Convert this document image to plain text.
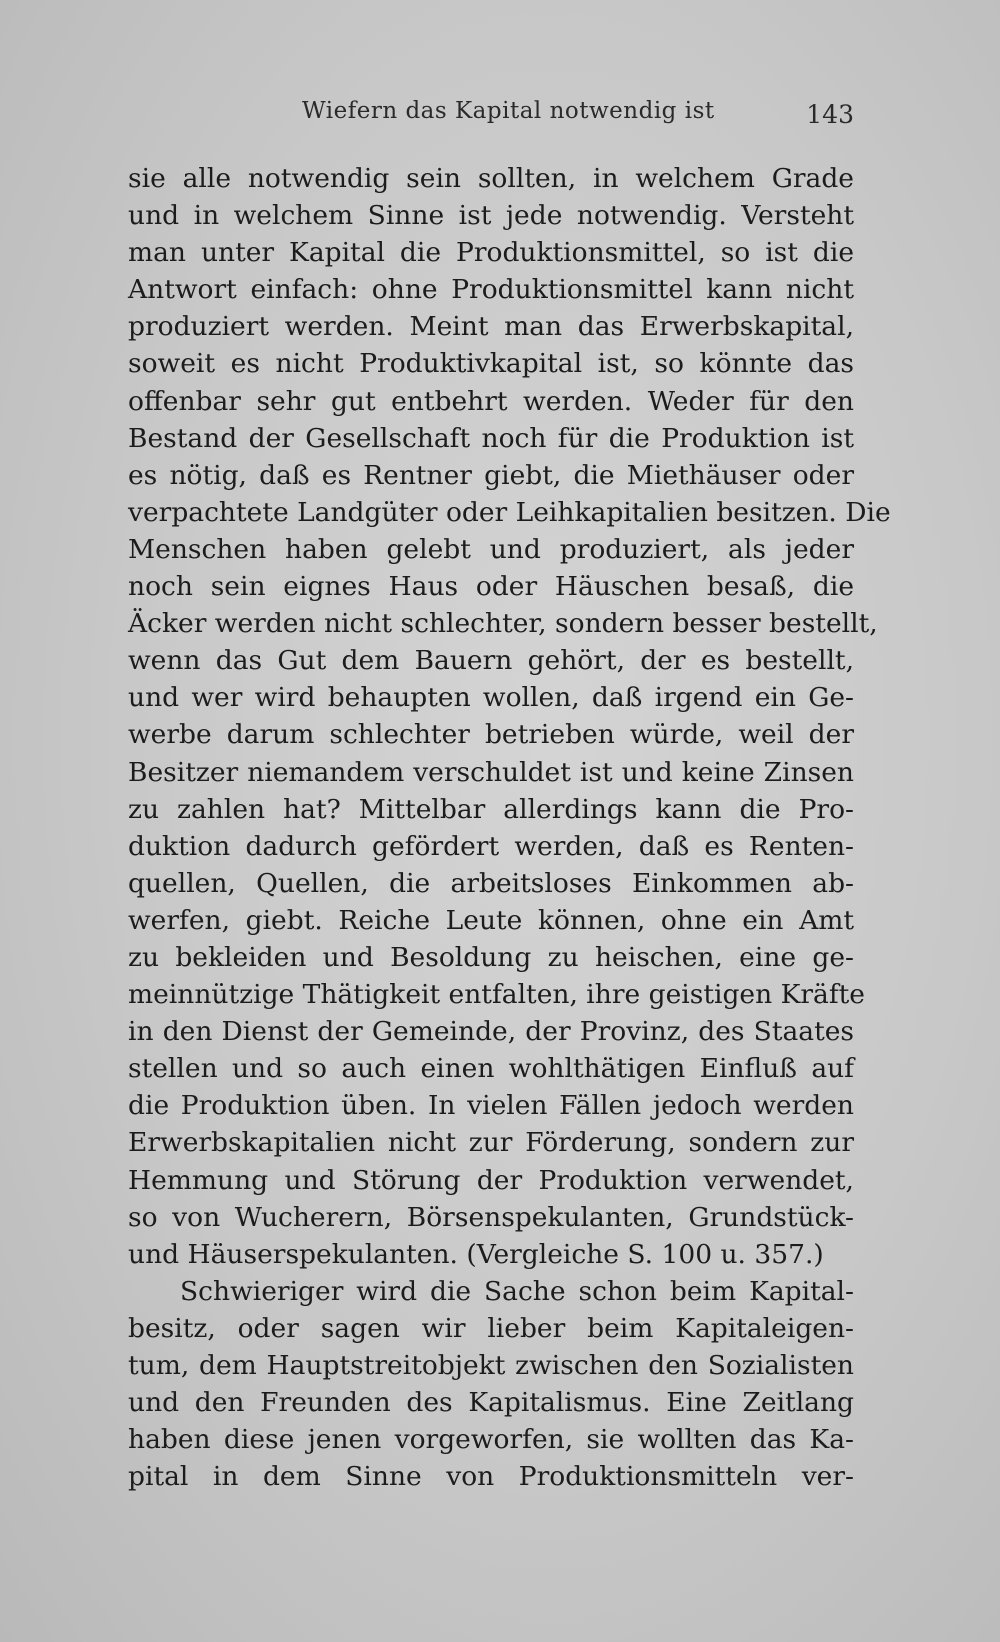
Wiefern das Kapital notwendig ist	143
sie alle notwendig sein sollten, in welchem Grade
und in welchem Sinne ist jede notwendig. Versteht
man unter Kapital die Produktionsmittel, so ist die
Antwort einfach: ohne Produktionsmittel kann nicht
produziert werden. Meint man das Erwerbskapital,
soweit es nicht Produktivkapital ist, so könnte das
offenbar sehr gut entbehrt werden. Weder für den
Bestand der Gesellschaft noch für die Produktion ist
es nötig, daß es Rentner giebt, die Miethäuser oder
verpachtete Landgüter oder Leihkapitalien besitzen. Die
Menschen haben gelebt und produziert, als jeder
noch sein eignes Haus oder Häuschen besaß, die
Äcker werden nicht schlechter, sondern besser bestellt,
wenn das Gut dem Bauern gehört, der es bestellt,
und wer wird behaupten wollen, daß irgend ein Ge-
werbe darum schlechter betrieben würde, weil der
Besitzer niemandem verschuldet ist und keine Zinsen
zu zahlen hat? Mittelbar allerdings kann die Pro-
duktion dadurch gefördert werden, daß es Renten-
quellen, Quellen, die arbeitsloses Einkommen ab-
werfen, giebt. Reiche Leute können, ohne ein Amt
zu bekleiden und Besoldung zu heischen, eine ge-
meinnützige Thätigkeit entfalten, ihre geistigen Kräfte
in den Dienst der Gemeinde, der Provinz, des Staates
stellen und so auch einen wohlthätigen Einfluß auf
die Produktion üben. In vielen Fällen jedoch werden
Erwerbskapitalien nicht zur Förderung, sondern zur
Hemmung und Störung der Produktion verwendet,
so von Wucherern, Börsenspekulanten, Grundstück-
und Häuserspekulanten. (Vergleiche S. 100 u. 357.)
Schwieriger wird die Sache schon beim Kapital-
besitz, oder sagen wir lieber beim Kapitaleigen-
tum, dem Hauptstreitobjekt zwischen den Sozialisten
und den Freunden des Kapitalismus. Eine Zeitlang
haben diese jenen vorgeworfen, sie wollten das Ka-
pital in dem Sinne von Produktionsmitteln ver-
